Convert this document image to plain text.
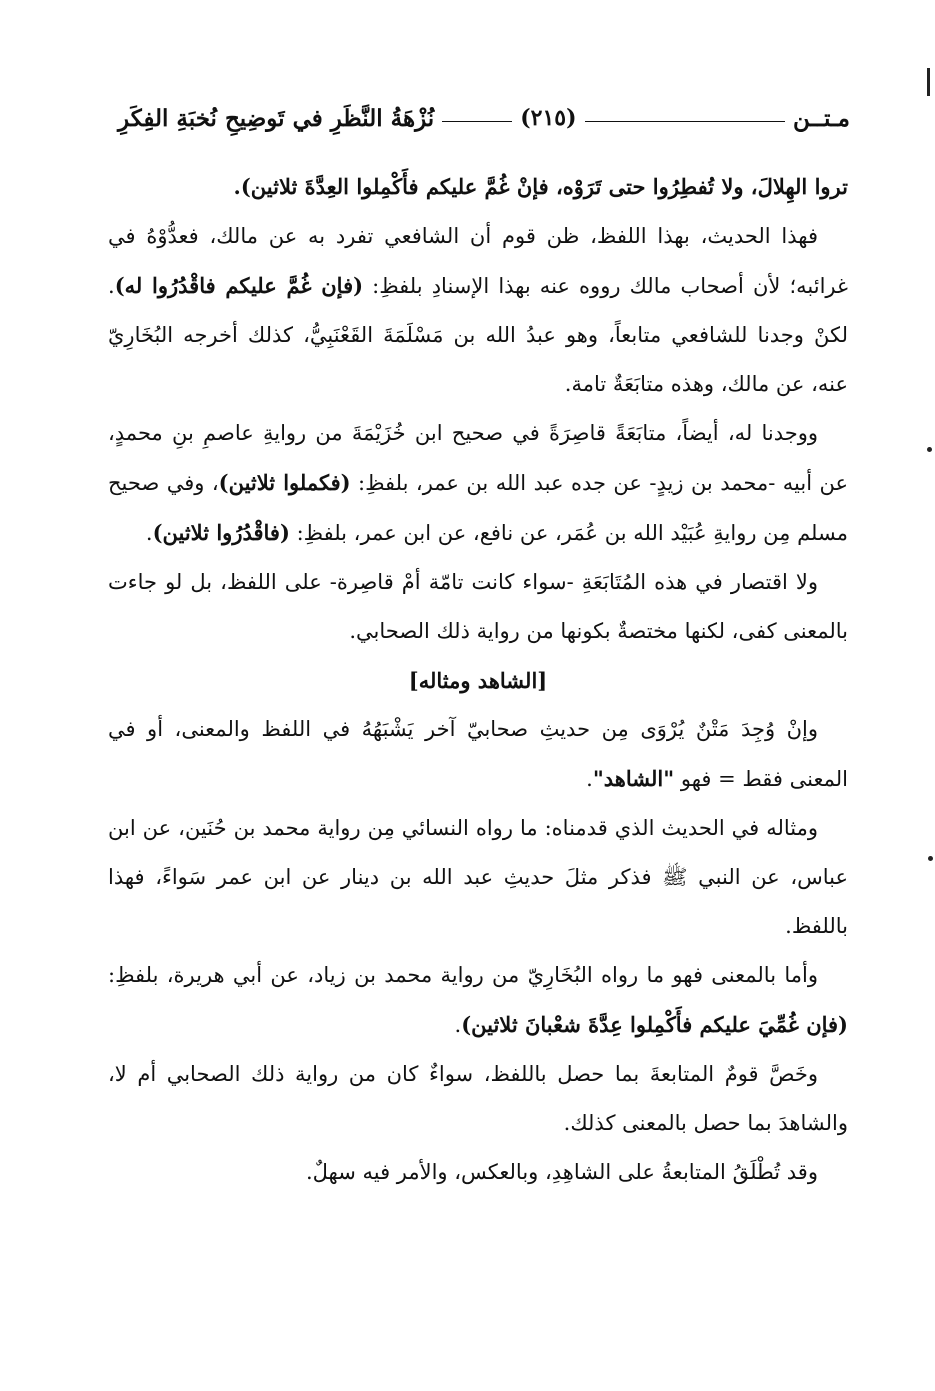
مـتــن
(٢١٥)
نُزْهَةُ النَّظَرِ في تَوضِيحِ نُخبَةِ الفِكَرِ

تروا الهِلالَ، ولا تُفطِرُوا حتى تَرَوْه، فإنْ غُمَّ عليكم فأَكْمِلوا العِدَّةَ ثلاثين).

فهذا الحديث، بهذا اللفظ، ظن قوم أن الشافعي تفرد به عن مالك، فعدُّوْهُ في غرائبه؛ لأن أصحاب مالك رووه عنه بهذا الإسنادِ بلفظِ: (فإن غُمَّ عليكم فاقْدُرُوا له). لكنْ وجدنا للشافعي متابعاً، وهو عبدُ الله بن مَسْلَمَةَ القَعْنَبِيُّ، كذلك أخرجه البُخَارِيّ عنه، عن مالك، وهذه متابَعَةٌ تامة.

ووجدنا له، أيضاً، متابَعَةً قاصِرَةً في صحيح ابن خُزَيْمَةَ من روايةِ عاصمِ بنِ محمدٍ، عن أبيه -محمد بن زيدٍ- عن جده عبد الله بن عمر، بلفظِ: (فكملوا ثلاثين)، وفي صحيح مسلم مِن روايةِ عُبَيْد الله بن عُمَر، عن نافع، عن ابن عمر، بلفظِ: (فاقْدُرُوا ثلاثين).

ولا اقتصار في هذه المُتَابَعَةِ -سواء كانت تامّة أمْ قاصِرة- على اللفظ، بل لو جاءت بالمعنى كفى، لكنها مختصةٌ بكونها من رواية ذلك الصحابي.

[الشاهد ومثاله]

وإنْ وُجِدَ مَتْنٌ يُرْوَى مِن حديثِ صحابيّ آخر يَشْبَهُهُ في اللفظ والمعنى، أو في المعنى فقط = فهو "الشاهد".

ومثاله في الحديث الذي قدمناه: ما رواه النسائي مِن رواية محمد بن حُنَين، عن ابن عباس، عن النبي ﷺ فذكر مثلَ حديثِ عبد الله بن دينار عن ابن عمر سَواءً، فهذا باللفظ.

وأما بالمعنى فهو ما رواه البُخَارِيّ من رواية محمد بن زياد، عن أبي هريرة، بلفظِ: (فإن غُمِّيَ عليكم فأَكْمِلوا عِدَّةَ شعْبانَ ثلاثين).

وخَصَّ قومٌ المتابعةَ بما حصل باللفظ، سواءٌ كان من رواية ذلك الصحابي أم لا، والشاهدَ بما حصل بالمعنى كذلك.

وقد تُطْلَقُ المتابعةُ على الشاهِدِ، وبالعكس، والأمر فيه سهلٌ.
